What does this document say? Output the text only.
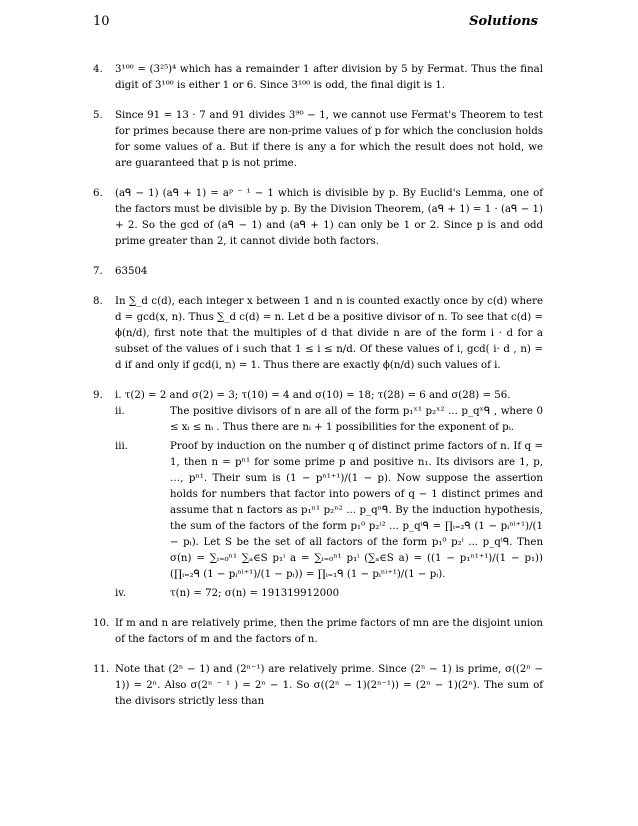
10	Solutions
4. 3¹⁰⁰ = (3²⁵)⁴ which has a remainder 1 after division by 5 by Fermat. Thus the final digit of 3¹⁰⁰ is either 1 or 6. Since 3¹⁰⁰ is odd, the final digit is 1.
5. Since 91 = 13 · 7 and 91 divides 3⁹⁰ − 1, we cannot use Fermat's Theorem to test for primes because there are non-prime values of p for which the conclusion holds for some values of a. But if there is any a for which the result does not hold, we are guaranteed that p is not prime.
6. (aᑫ − 1) (aᑫ + 1) = aᵖ ⁻ ¹ − 1 which is divisible by p. By Euclid's Lemma, one of the factors must be divisible by p. By the Division Theorem, (aᑫ + 1) = 1 · (aᑫ − 1) + 2. So the gcd of (aᑫ − 1) and (aᑫ + 1) can only be 1 or 2. Since p is and odd prime greater than 2, it cannot divide both factors.
7. 63504
8. In ∑_d c(d), each integer x between 1 and n is counted exactly once by c(d) where d = gcd(x, n). Thus ∑_d c(d) = n. Let d be a positive divisor of n. To see that c(d) = ϕ(n/d), first note that the multiples of d that divide n are of the form i · d for a subset of the values of i such that 1 ≤ i ≤ n/d. Of these values of i, gcd( i· d , n) = d if and only if gcd(i, n) = 1. Thus there are exactly ϕ(n/d) such values of i.
9. i. τ(2) = 2 and σ(2) = 3; τ(10) = 4 and σ(10) = 18; τ(28) = 6 and σ(28) = 56.
ii.	The positive divisors of n are all of the form p₁ˣ¹ p₂ˣ² ... p_qˣᑫ , where 0 ≤ xᵢ ≤ nᵢ . Thus there are nᵢ + 1 possibilities for the exponent of pᵢ.
iii.	Proof by induction on the number q of distinct prime factors of n. If q = 1, then n = pⁿ¹ for some prime p and positive n₁. Its divisors are 1, p, …, pⁿ¹. Their sum is (1 − pⁿ¹⁺¹)/(1 − p). Now suppose the assertion holds for numbers that factor into powers of q − 1 distinct primes and assume that n factors as p₁ⁿ¹ p₂ⁿ² ... p_qⁿᑫ. By the induction hypothesis, the sum of the factors of the form p₁⁰ p₂ⁱ² ... p_qⁱᑫ = ∏ᵢ₌₂ᑫ (1 − pᵢⁿⁱ⁺¹)/(1 − pᵢ). Let S be the set of all factors of the form p₁⁰ p₂ⁱ ... p_qⁱᑫ. Then σ(n) = ∑ᵢ₌₀ⁿ¹ ∑ₐ∈S p₁ⁱ a = ∑ᵢ₌₀ⁿ¹ p₁ⁱ (∑ₐ∈S a) = ((1 − p₁ⁿ¹⁺¹)/(1 − p₁)) (∏ᵢ₌₂ᑫ (1 − pᵢⁿⁱ⁺¹)/(1 − pᵢ)) = ∏ᵢ₌₁ᑫ (1 − pᵢⁿⁱ⁺¹)/(1 − pᵢ).
iv.	τ(n) = 72; σ(n) = 191319912000
10. If m and n are relatively prime, then the prime factors of mn are the disjoint union of the factors of m and the factors of n.
11. Note that (2ⁿ − 1) and (2ⁿ⁻¹) are relatively prime. Since (2ⁿ − 1) is prime, σ((2ⁿ − 1)) = 2ⁿ. Also σ(2ⁿ ⁻ ¹ ) = 2ⁿ − 1. So σ((2ⁿ − 1)(2ⁿ⁻¹)) = (2ⁿ − 1)(2ⁿ). The sum of the divisors strictly less than
